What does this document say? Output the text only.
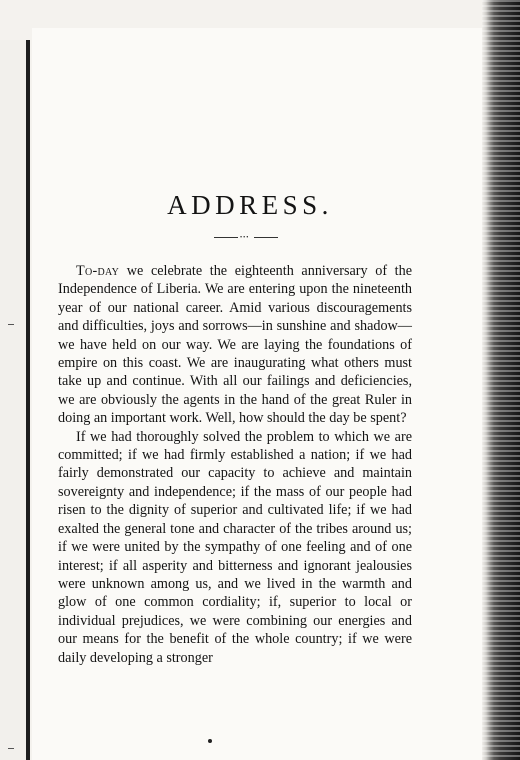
ADDRESS.
•••

To-day we celebrate the eighteenth anniversary of the Independence of Liberia. We are entering upon the nineteenth year of our national career. Amid various discouragements and difficulties, joys and sorrows—in sunshine and shadow—we have held on our way. We are laying the foundations of empire on this coast. We are inaugurating what others must take up and continue. With all our failings and deficiencies, we are obviously the agents in the hand of the great Ruler in doing an important work. Well, how should the day be spent?

If we had thoroughly solved the problem to which we are committed; if we had firmly established a nation; if we had fairly demonstrated our capacity to achieve and maintain sovereignty and independence; if the mass of our people had risen to the dignity of superior and cultivated life; if we had exalted the general tone and character of the tribes around us; if we were united by the sympathy of one feeling and of one interest; if all asperity and bitterness and ignorant jealousies were unknown among us, and we lived in the warmth and glow of one common cordiality; if, superior to local or individual prejudices, we were combining our energies and our means for the benefit of the whole country; if we were daily developing a stronger
